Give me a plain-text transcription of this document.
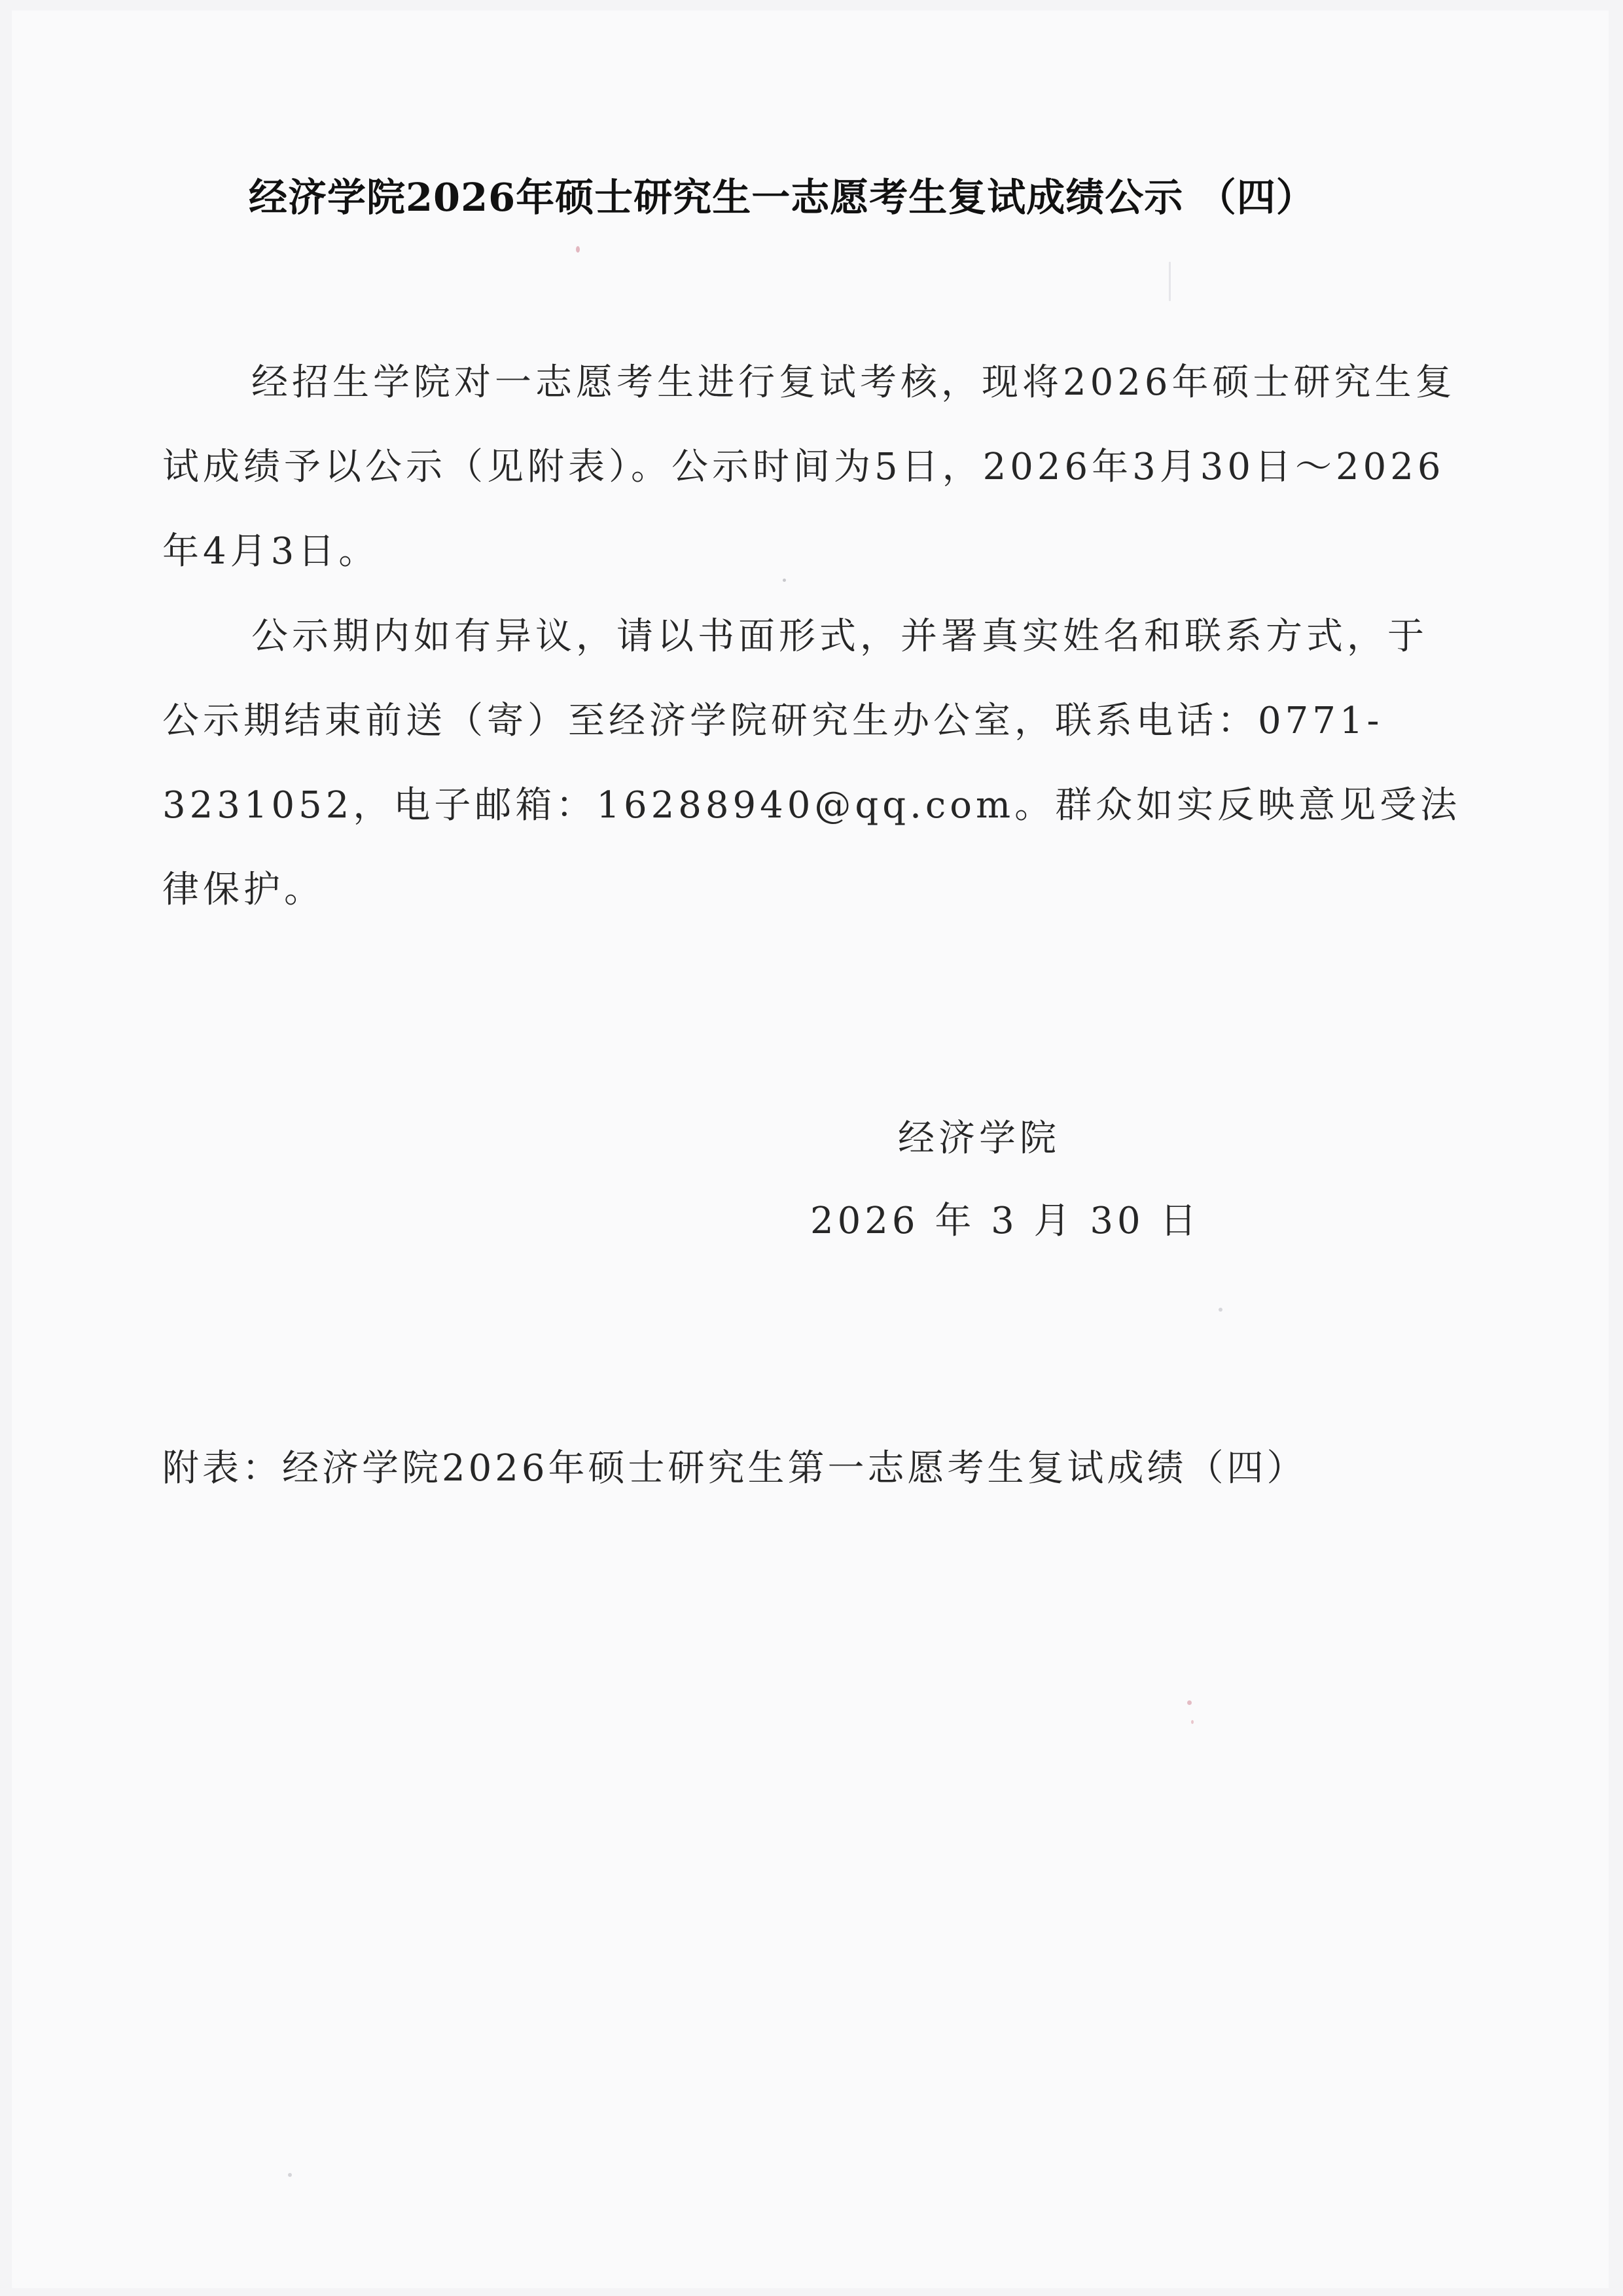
经济学院2026年硕士研究生一志愿考生复试成绩公示 （四）
经招生学院对一志愿考生进行复试考核，现将2026年硕士研究生复试成绩予以公示（见附表）。公示时间为5日，2026年3月30日～2026年4月3日。
公示期内如有异议，请以书面形式，并署真实姓名和联系方式，于公示期结束前送（寄）至经济学院研究生办公室，联系电话：0771-3231052，电子邮箱：16288940@qq.com。群众如实反映意见受法律保护。
经济学院
2026 年 3 月 30 日
附表：经济学院2026年硕士研究生第一志愿考生复试成绩（四）
